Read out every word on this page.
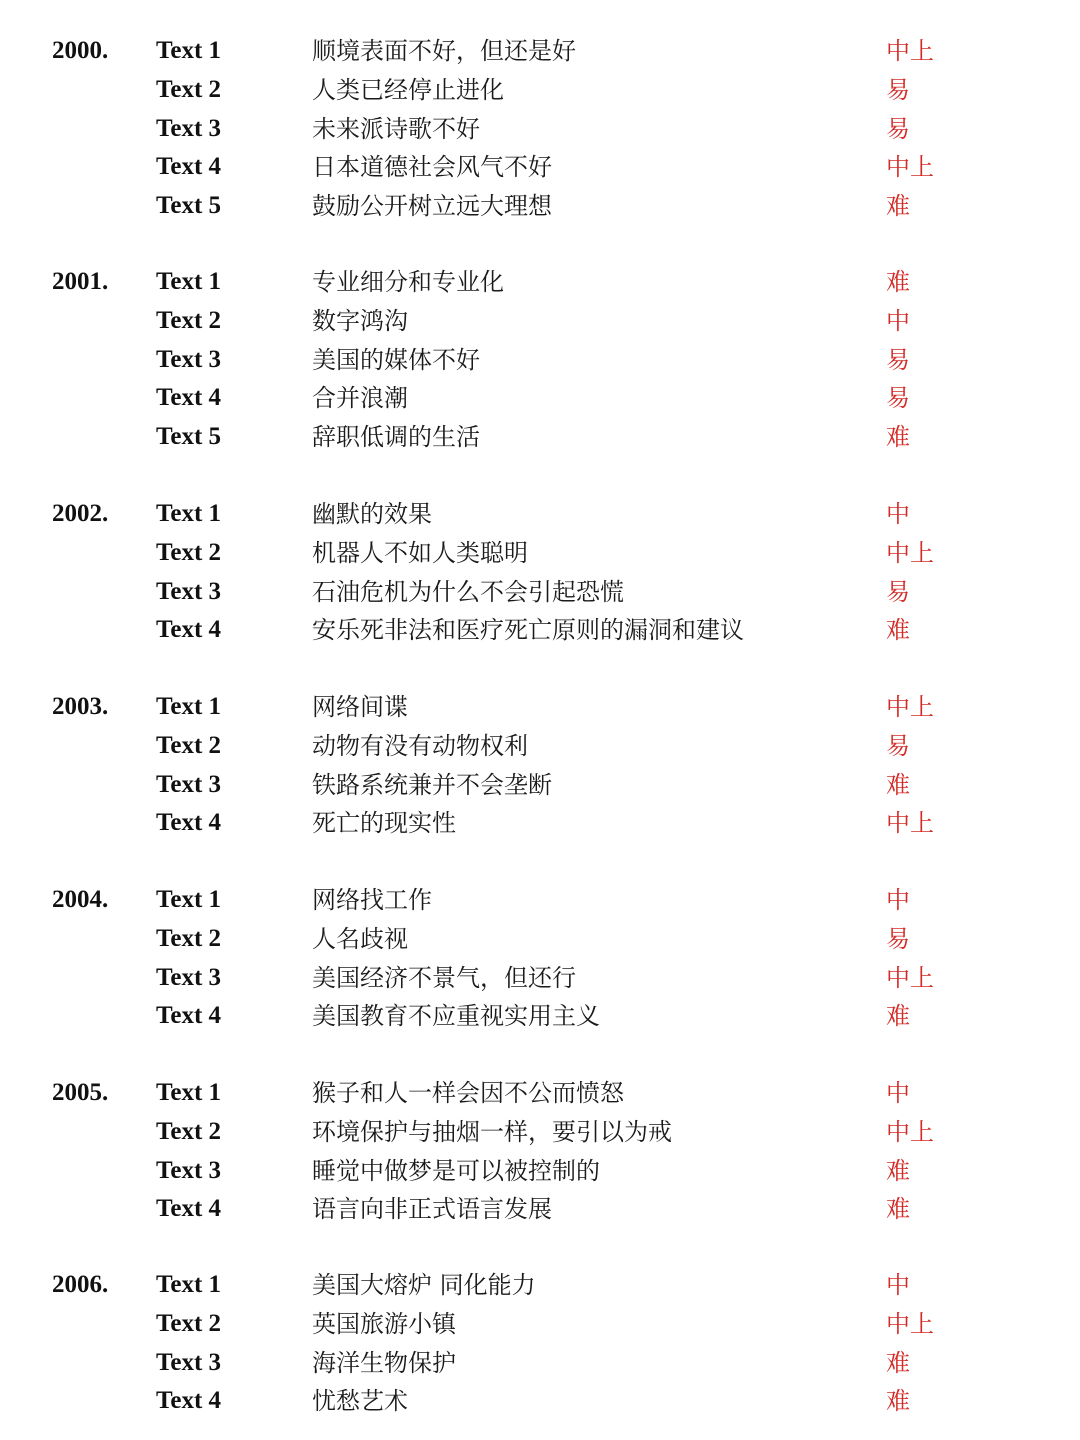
2000. Text 1	顺境表面不好，但还是好	中上
Text 2	人类已经停止进化	易
Text 3	未来派诗歌不好	易
Text 4	日本道德社会风气不好	中上
Text 5	鼓励公开树立远大理想	难
2001. Text 1	专业细分和专业化	难
Text 2	数字鸿沟	中
Text 3	美国的媒体不好	易
Text 4	合并浪潮	易
Text 5	辞职低调的生活	难
2002. Text 1	幽默的效果	中
Text 2	机器人不如人类聪明	中上
Text 3	石油危机为什么不会引起恐慌	易
Text 4	安乐死非法和医疗死亡原则的漏洞和建议	难
2003. Text 1	网络间谍	中上
Text 2	动物有没有动物权利	易
Text 3	铁路系统兼并不会垄断	难
Text 4	死亡的现实性	中上
2004. Text 1	网络找工作	中
Text 2	人名歧视	易
Text 3	美国经济不景气，但还行	中上
Text 4	美国教育不应重视实用主义	难
2005. Text 1	猴子和人一样会因不公而愤怒	中
Text 2	环境保护与抽烟一样，要引以为戒	中上
Text 3	睡觉中做梦是可以被控制的	难
Text 4	语言向非正式语言发展	难
2006. Text 1	美国大熔炉 同化能力	中
Text 2	英国旅游小镇	中上
Text 3	海洋生物保护	难
Text 4	忧愁艺术	难
